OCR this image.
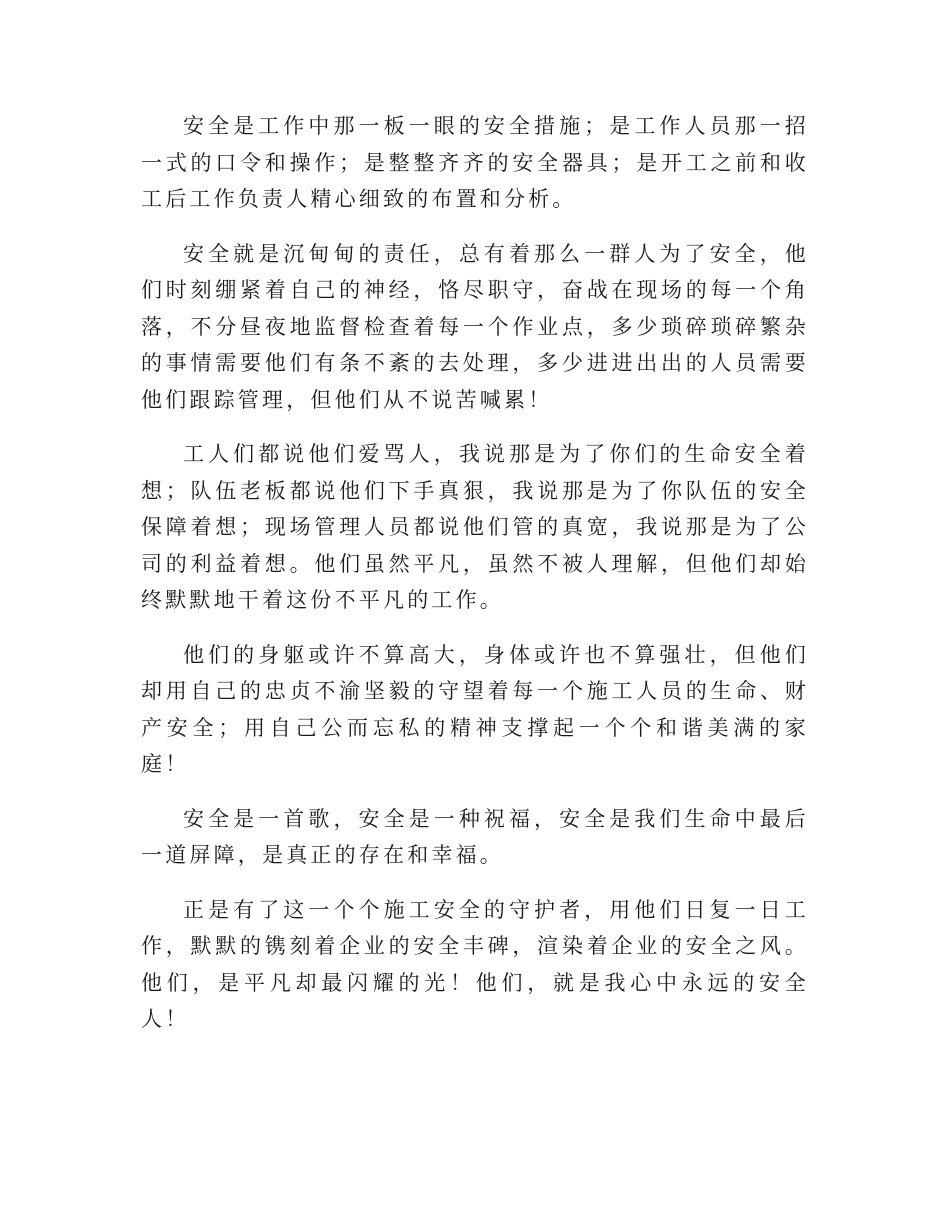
安全是工作中那一板一眼的安全措施；是工作人员那一招一式的口令和操作；是整整齐齐的安全器具；是开工之前和收工后工作负责人精心细致的布置和分析。

安全就是沉甸甸的责任，总有着那么一群人为了安全，他们时刻绷紧着自己的神经，恪尽职守，奋战在现场的每一个角落，不分昼夜地监督检查着每一个作业点，多少琐碎琐碎繁杂的事情需要他们有条不紊的去处理，多少进进出出的人员需要他们跟踪管理，但他们从不说苦喊累！

工人们都说他们爱骂人，我说那是为了你们的生命安全着想；队伍老板都说他们下手真狠，我说那是为了你队伍的安全保障着想；现场管理人员都说他们管的真宽，我说那是为了公司的利益着想。他们虽然平凡，虽然不被人理解，但他们却始终默默地干着这份不平凡的工作。

他们的身躯或许不算高大，身体或许也不算强壮，但他们却用自己的忠贞不渝坚毅的守望着每一个施工人员的生命、财产安全；用自己公而忘私的精神支撑起一个个和谐美满的家庭！

安全是一首歌，安全是一种祝福，安全是我们生命中最后一道屏障，是真正的存在和幸福。

正是有了这一个个施工安全的守护者，用他们日复一日工作，默默的镌刻着企业的安全丰碑，渲染着企业的安全之风。他们，是平凡却最闪耀的光！他们，就是我心中永远的安全人！
